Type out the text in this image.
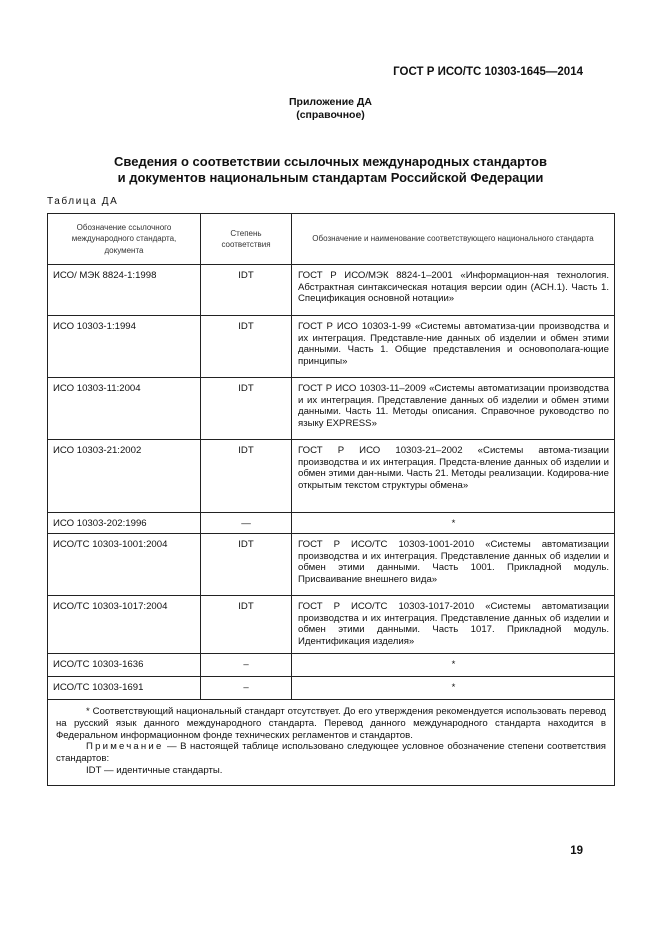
ГОСТ Р ИСО/ТС 10303-1645—2014
Приложение ДА
(справочное)
Сведения о соответствии ссылочных международных стандартов
и документов национальным стандартам Российской Федерации
Таблица ДА
Обозначение ссылочного международного стандарта, документа	Степень соответствия	Обозначение и наименование соответствующего национального стандарта
ИСО/ МЭК 8824-1:1998	IDT	ГОСТ Р ИСО/МЭК 8824-1–2001 «Информацион-ная технология. Абстрактная синтаксическая нотация версии один (АСН.1). Часть 1. Спецификация основной нотации»
ИСО 10303-1:1994	IDT	ГОСТ Р ИСО 10303-1-99 «Системы автоматиза-ции производства и их интеграция. Представле-ние данных об изделии и обмен этими данными. Часть 1. Общие представления и основополага-ющие принципы»
ИСО 10303-11:2004	IDT	ГОСТ Р ИСО 10303-11–2009 «Системы автоматизации производства и их интеграция. Представление данных об изделии и обмен этими данными. Часть 11. Методы описания. Справочное руководство по языку EXPRESS»
ИСО 10303-21:2002	IDT	ГОСТ Р ИСО 10303-21–2002 «Системы автома-тизации производства и их интеграция. Предста-вление данных об изделии и обмен этими дан-ными. Часть 21. Методы реализации. Кодирова-ние открытым текстом структуры обмена»
ИСО 10303-202:1996	—	*
ИСО/ТС 10303-1001:2004	IDT	ГОСТ Р ИСО/ТС 10303-1001-2010 «Системы автоматизации производства и их интеграция. Представление данных об изделии и обмен этими данными. Часть 1001. Прикладной модуль. Присваивание внешнего вида»
ИСО/ТС 10303-1017:2004	IDT	ГОСТ Р ИСО/ТС 10303-1017-2010 «Системы автоматизации производства и их интеграция. Представление данных об изделии и обмен этими данными. Часть 1017. Прикладной модуль. Идентификация изделия»
ИСО/ТС 10303-1636	–	*
ИСО/ТС 10303-1691	–	*

* Соответствующий национальный стандарт отсутствует. До его утверждения рекомендуется использовать перевод на русский язык данного международного стандарта. Перевод данного международного стандарта находится в Федеральном информационном фонде технических регламентов и стандартов.

Примечание — В настоящей таблице использовано следующее условное обозначение степени соответствия стандартов:

IDT — идентичные стандарты.		

19
